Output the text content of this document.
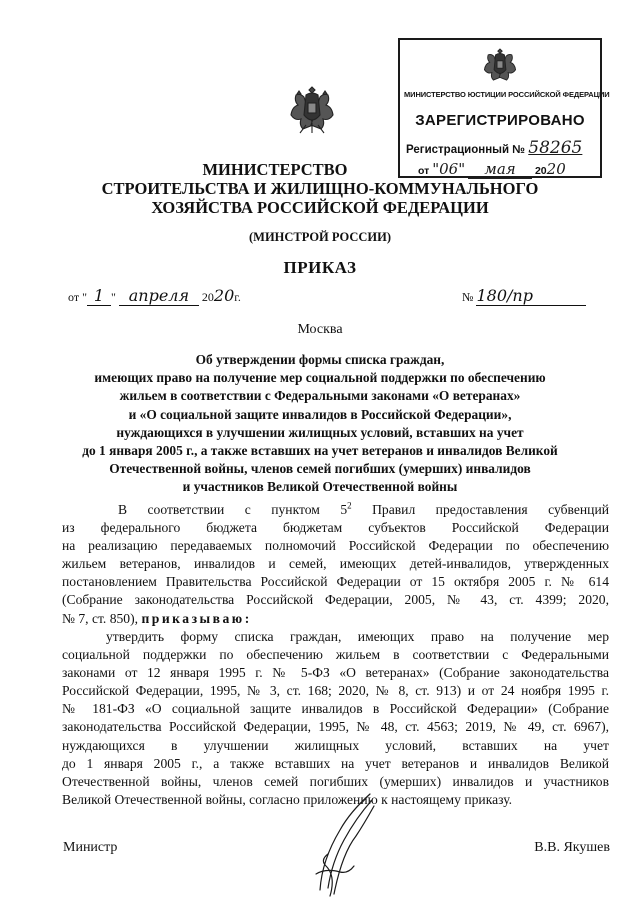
МИНИСТЕРСТВО ЮСТИЦИИ РОССИЙСКОЙ ФЕДЕРАЦИИ
ЗАРЕГИСТРИРОВАНО
Регистрационный № 58265
от "06" мая 2020
МИНИСТЕРСТВО
СТРОИТЕЛЬСТВА И ЖИЛИЩНО-КОММУНАЛЬНОГО
ХОЗЯЙСТВА РОССИЙСКОЙ ФЕДЕРАЦИИ
(МИНСТРОЙ РОССИИ)
ПРИКАЗ
от " 1 " апреля 2020г.	№ 180/пр
Москва
Об утверждении формы списка граждан,
имеющих право на получение мер социальной поддержки по обеспечению
жильем в соответствии с Федеральными законами «О ветеранах»
и «О социальной защите инвалидов в Российской Федерации»,
нуждающихся в улучшении жилищных условий, вставших на учет
до 1 января 2005 г., а также вставших на учет ветеранов и инвалидов Великой
Отечественной войны, членов семей погибших (умерших) инвалидов
и участников Великой Отечественной войны
В соответствии с пунктом $5^2$ Правил предоставления субвенций
из федерального бюджета бюджетам субъектов Российской Федерации
на реализацию передаваемых полномочий Российской Федерации по обеспечению
жильем ветеранов, инвалидов и семей, имеющих детей-инвалидов, утвержденных
постановлением Правительства Российской Федерации от 15 октября 2005 г. № 614
(Собрание законодательства Российской Федерации, 2005, № 43, ст. 4399; 2020,
№ 7, ст. 850), приказываю:
утвердить форму списка граждан, имеющих право на получение мер
социальной поддержки по обеспечению жильем в соответствии с Федеральными
законами от 12 января 1995 г. № 5-ФЗ «О ветеранах» (Собрание законодательства
Российской Федерации, 1995, № 3, ст. 168; 2020, № 8, ст. 913) и от 24 ноября 1995 г.
№ 181-ФЗ «О социальной защите инвалидов в Российской Федерации» (Собрание
законодательства Российской Федерации, 1995, № 48, ст. 4563; 2019, № 49, ст. 6967),
нуждающихся в улучшении жилищных условий, вставших на учет
до 1 января 2005 г., а также вставших на учет ветеранов и инвалидов Великой
Отечественной войны, членов семей погибших (умерших) инвалидов и участников
Великой Отечественной войны, согласно приложению к настоящему приказу.
Министр	В.В. Якушев
